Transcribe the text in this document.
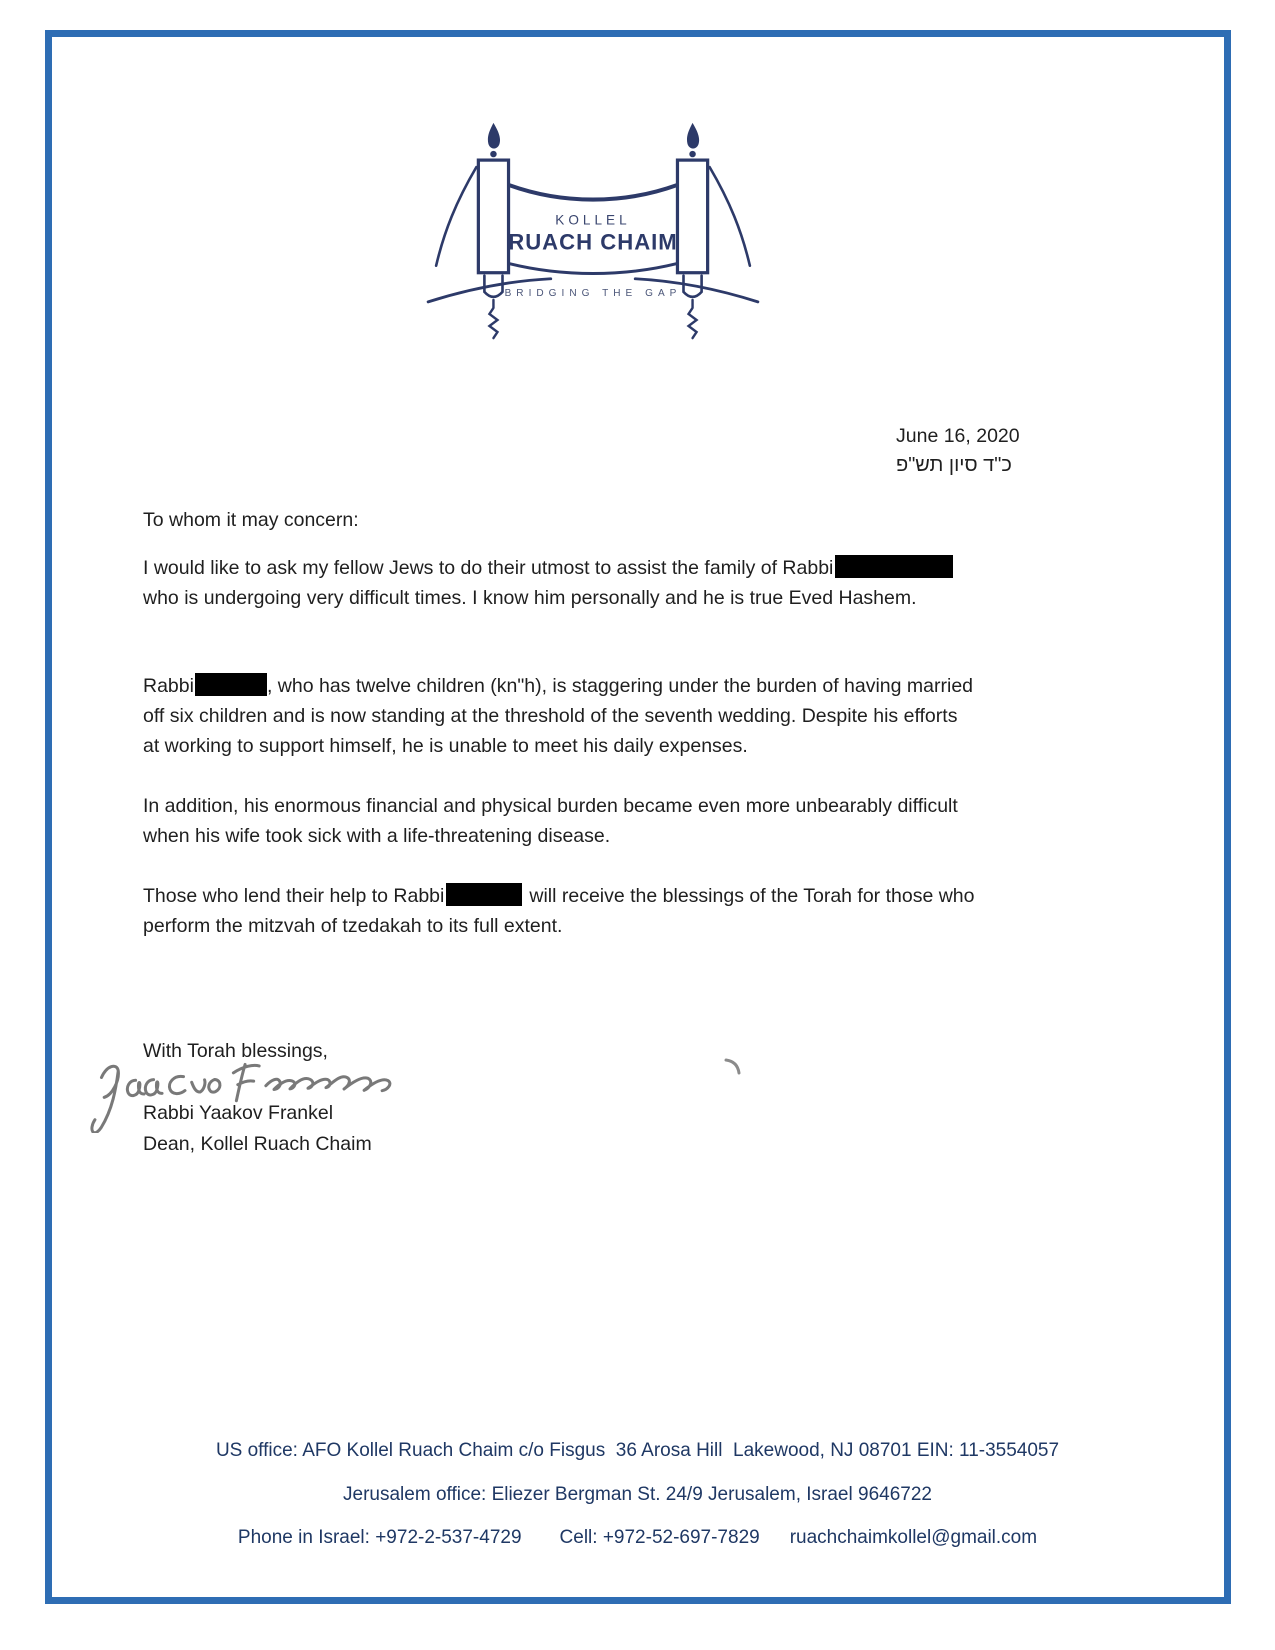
KOLLEL
RUACH CHAIM
BRIDGING THE GAP
June 16, 2020
כ"ד סיון תש"פ
To whom it may concern:
I would like to ask my fellow Jews to do their utmost to assist the family of Rabbi
who is undergoing very difficult times. I know him personally and he is true Eved Hashem.
Rabbi	, who has twelve children (kn"h), is staggering under the burden of having married
off six children and is now standing at the threshold of the seventh wedding. Despite his efforts
at working to support himself, he is unable to meet his daily expenses.
In addition, his enormous financial and physical burden became even more unbearably difficult
when his wife took sick with a life-threatening disease.
Those who lend their help to Rabbi	will receive the blessings of the Torah for those who
perform the mitzvah of tzedakah to its full extent.
With Torah blessings,
Rabbi Yaakov Frankel
Dean, Kollel Ruach Chaim
US office: AFO Kollel Ruach Chaim c/o Fisgus  36 Arosa Hill  Lakewood, NJ 08701 EIN: 11-3554057
Jerusalem office: Eliezer Bergman St. 24/9 Jerusalem, Israel 9646722
Phone in Israel: +972-2-537-4729 Cell: +972-52-697-7829 ruachchaimkollel@gmail.com
